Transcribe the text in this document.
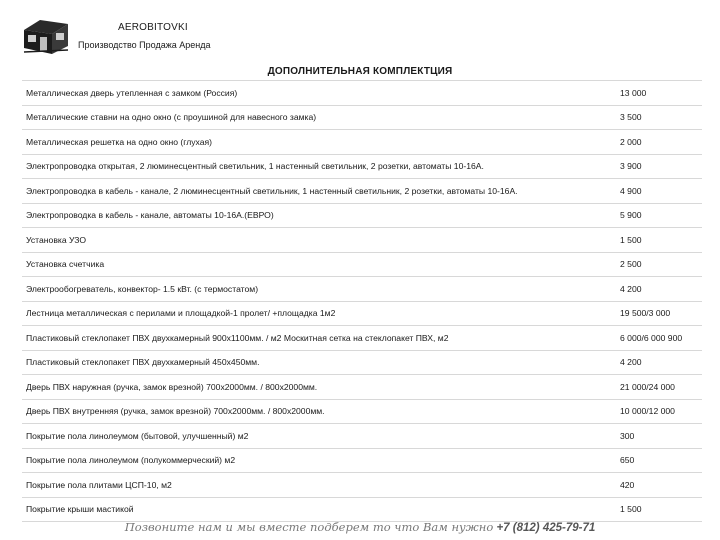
AEROBITOVKI
Производство Продажа Аренда
ДОПОЛНИТЕЛЬНАЯ КОМПЛЕКТЦИЯ
Металлическая дверь утепленная с замком (Россия)	13 000
Металлические ставни на одно окно (с проушиной для навесного замка)	3 500
Металлическая решетка на одно окно (глухая)	2 000
Электропроводка открытая, 2 люминесцентный светильник, 1 настенный светильник, 2 розетки, автоматы 10-16А.	3 900
Электропроводка в кабель - канале, 2 люминесцентный светильник, 1 настенный светильник, 2 розетки, автоматы 10-16А.	4 900
Электропроводка в кабель - канале, автоматы 10-16А.(ЕВРО)	5 900
Установка УЗО	1 500
Установка счетчика	2 500
Электрообогреватель, конвектор- 1.5 кВт. (с термостатом)	4 200
Лестница металлическая с перилами и площадкой-1 пролет/ +площадка 1м2	19 500/3 000
Пластиковый стеклопакет ПВХ двухкамерный 900х1100мм. / м2 Москитная сетка на стеклопакет ПВХ, м2	6 000/6 000 900
Пластиковый стеклопакет ПВХ двухкамерный 450х450мм.	4 200
Дверь ПВХ наружная (ручка, замок врезной) 700х2000мм. / 800х2000мм.	21 000/24 000
Дверь ПВХ внутренняя (ручка, замок врезной) 700х2000мм. / 800х2000мм.	10 000/12 000
Покрытие пола линолеумом (бытовой, улучшенный) м2	300
Покрытие пола линолеумом (полукоммерческий) м2	650
Покрытие пола плитами ЦСП-10, м2	420
Покрытие крыши мастикой	1 500
Позвоните нам и мы вместе подберем то что Вам нужно +7 (812) 425-79-71
